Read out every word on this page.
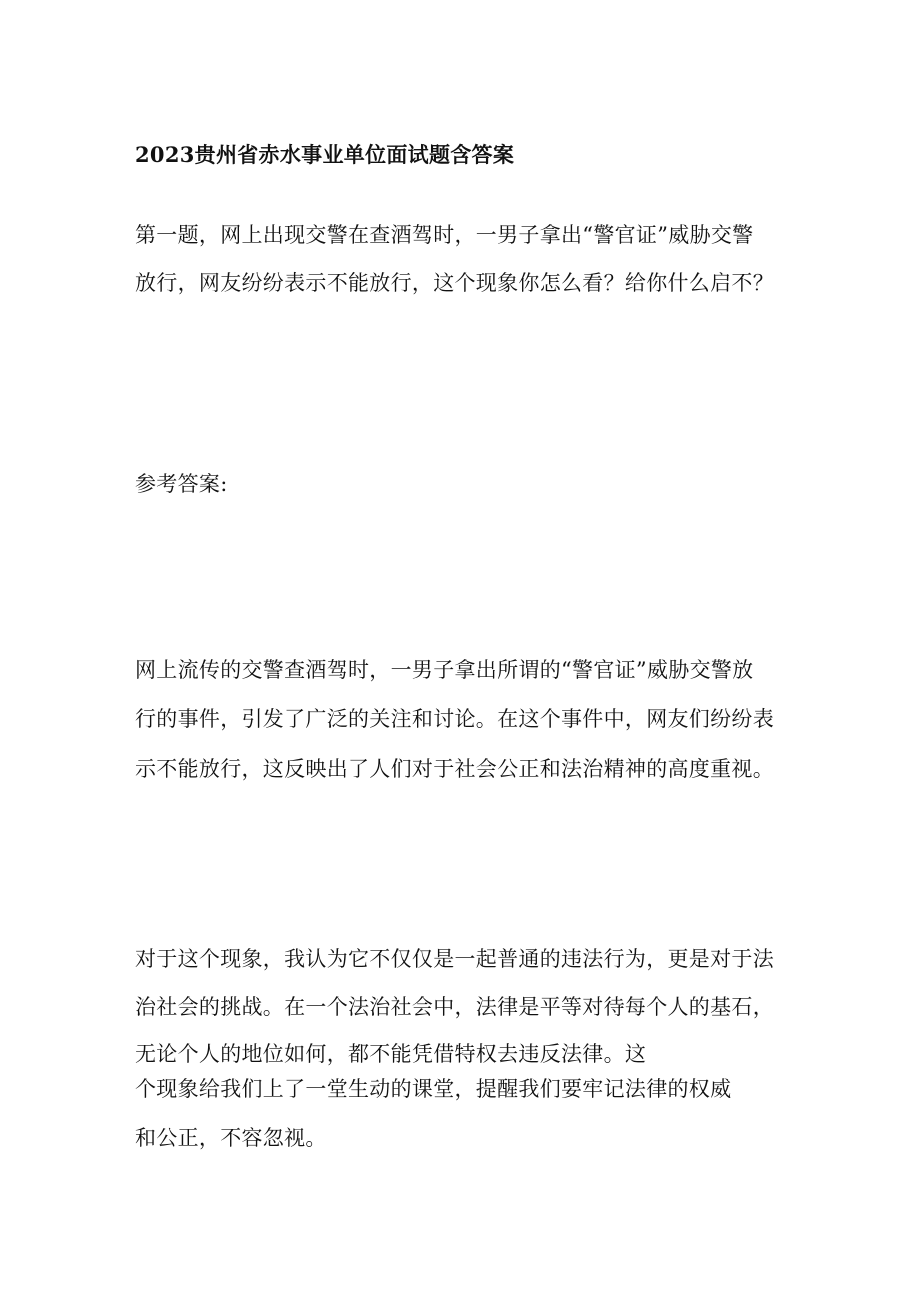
2023贵州省赤水事业单位面试题含答案
第一题，网上出现交警在查酒驾时，一男子拿出“警官证”威胁交警
放行，网友纷纷表示不能放行，这个现象你怎么看？给你什么启不？
参考答案:
网上流传的交警查酒驾时，一男子拿出所谓的“警官证”威胁交警放
行的事件，引发了广泛的关注和讨论。在这个事件中，网友们纷纷表
示不能放行，这反映出了人们对于社会公正和法治精神的高度重视。
对于这个现象，我认为它不仅仅是一起普通的违法行为，更是对于法
治社会的挑战。在一个法治社会中，法律是平等对待每个人的基石，
无论个人的地位如何，都不能凭借特权去违反法律。这
个现象给我们上了一堂生动的课堂，提醒我们要牢记法律的权威
和公正，不容忽视。
